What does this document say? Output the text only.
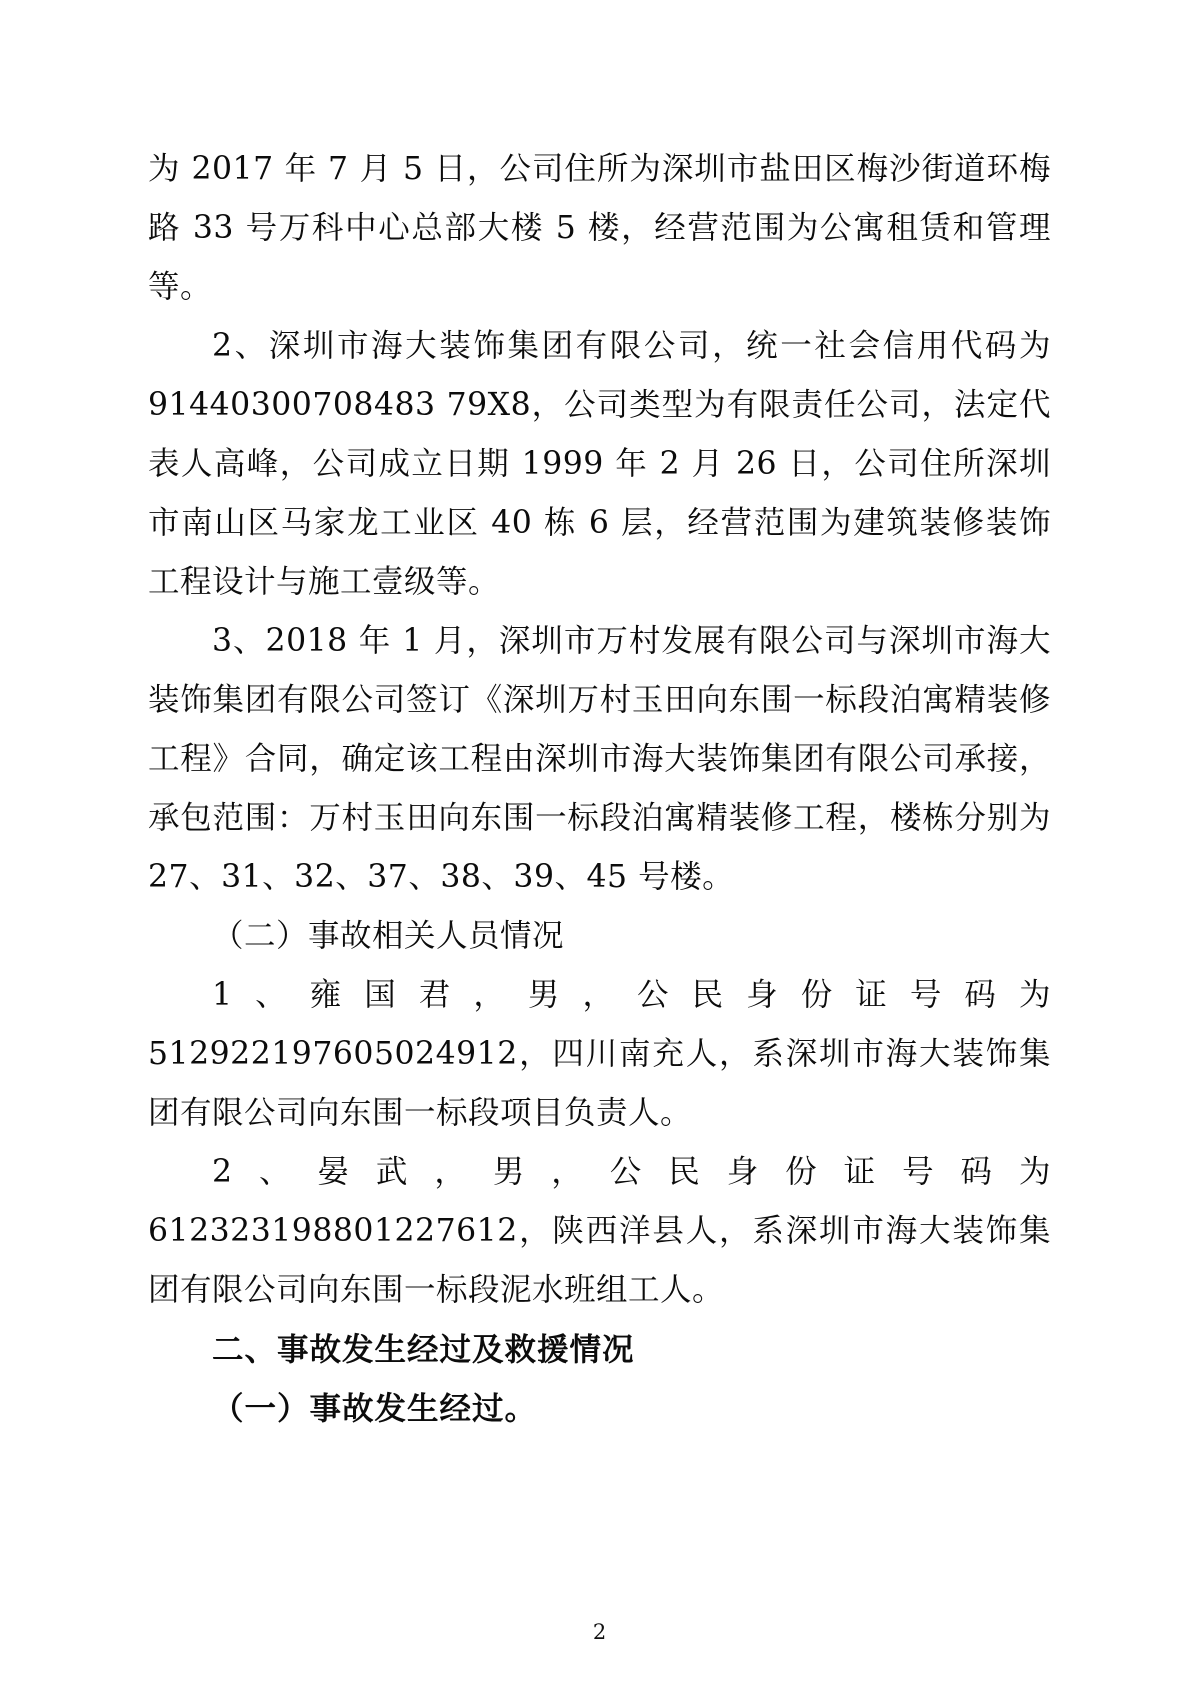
为 2017 年 7 月 5 日，公司住所为深圳市盐田区梅沙街道环梅路 33 号万科中心总部大楼 5 楼，经营范围为公寓租赁和管理等。

2、深圳市海大装饰集团有限公司，统一社会信用代码为 91440300708483 79X8，公司类型为有限责任公司，法定代表人高峰，公司成立日期 1999 年 2 月 26 日，公司住所深圳市南山区马家龙工业区 40 栋 6 层，经营范围为建筑装修装饰工程设计与施工壹级等。

3、2018 年 1 月，深圳市万村发展有限公司与深圳市海大装饰集团有限公司签订《深圳万村玉田向东围一标段泊寓精装修工程》合同，确定该工程由深圳市海大装饰集团有限公司承接，承包范围：万村玉田向东围一标段泊寓精装修工程，楼栋分别为 27、31、32、37、38、39、45 号楼。

（二）事故相关人员情况

1、雍国君，男，公民身份证号码为 512922197605024912，四川南充人，系深圳市海大装饰集团有限公司向东围一标段项目负责人。

2、晏武，男，公民身份证号码为 612323198801227612，陕西洋县人，系深圳市海大装饰集团有限公司向东围一标段泥水班组工人。

二、事故发生经过及救援情况

（一）事故发生经过。

2
